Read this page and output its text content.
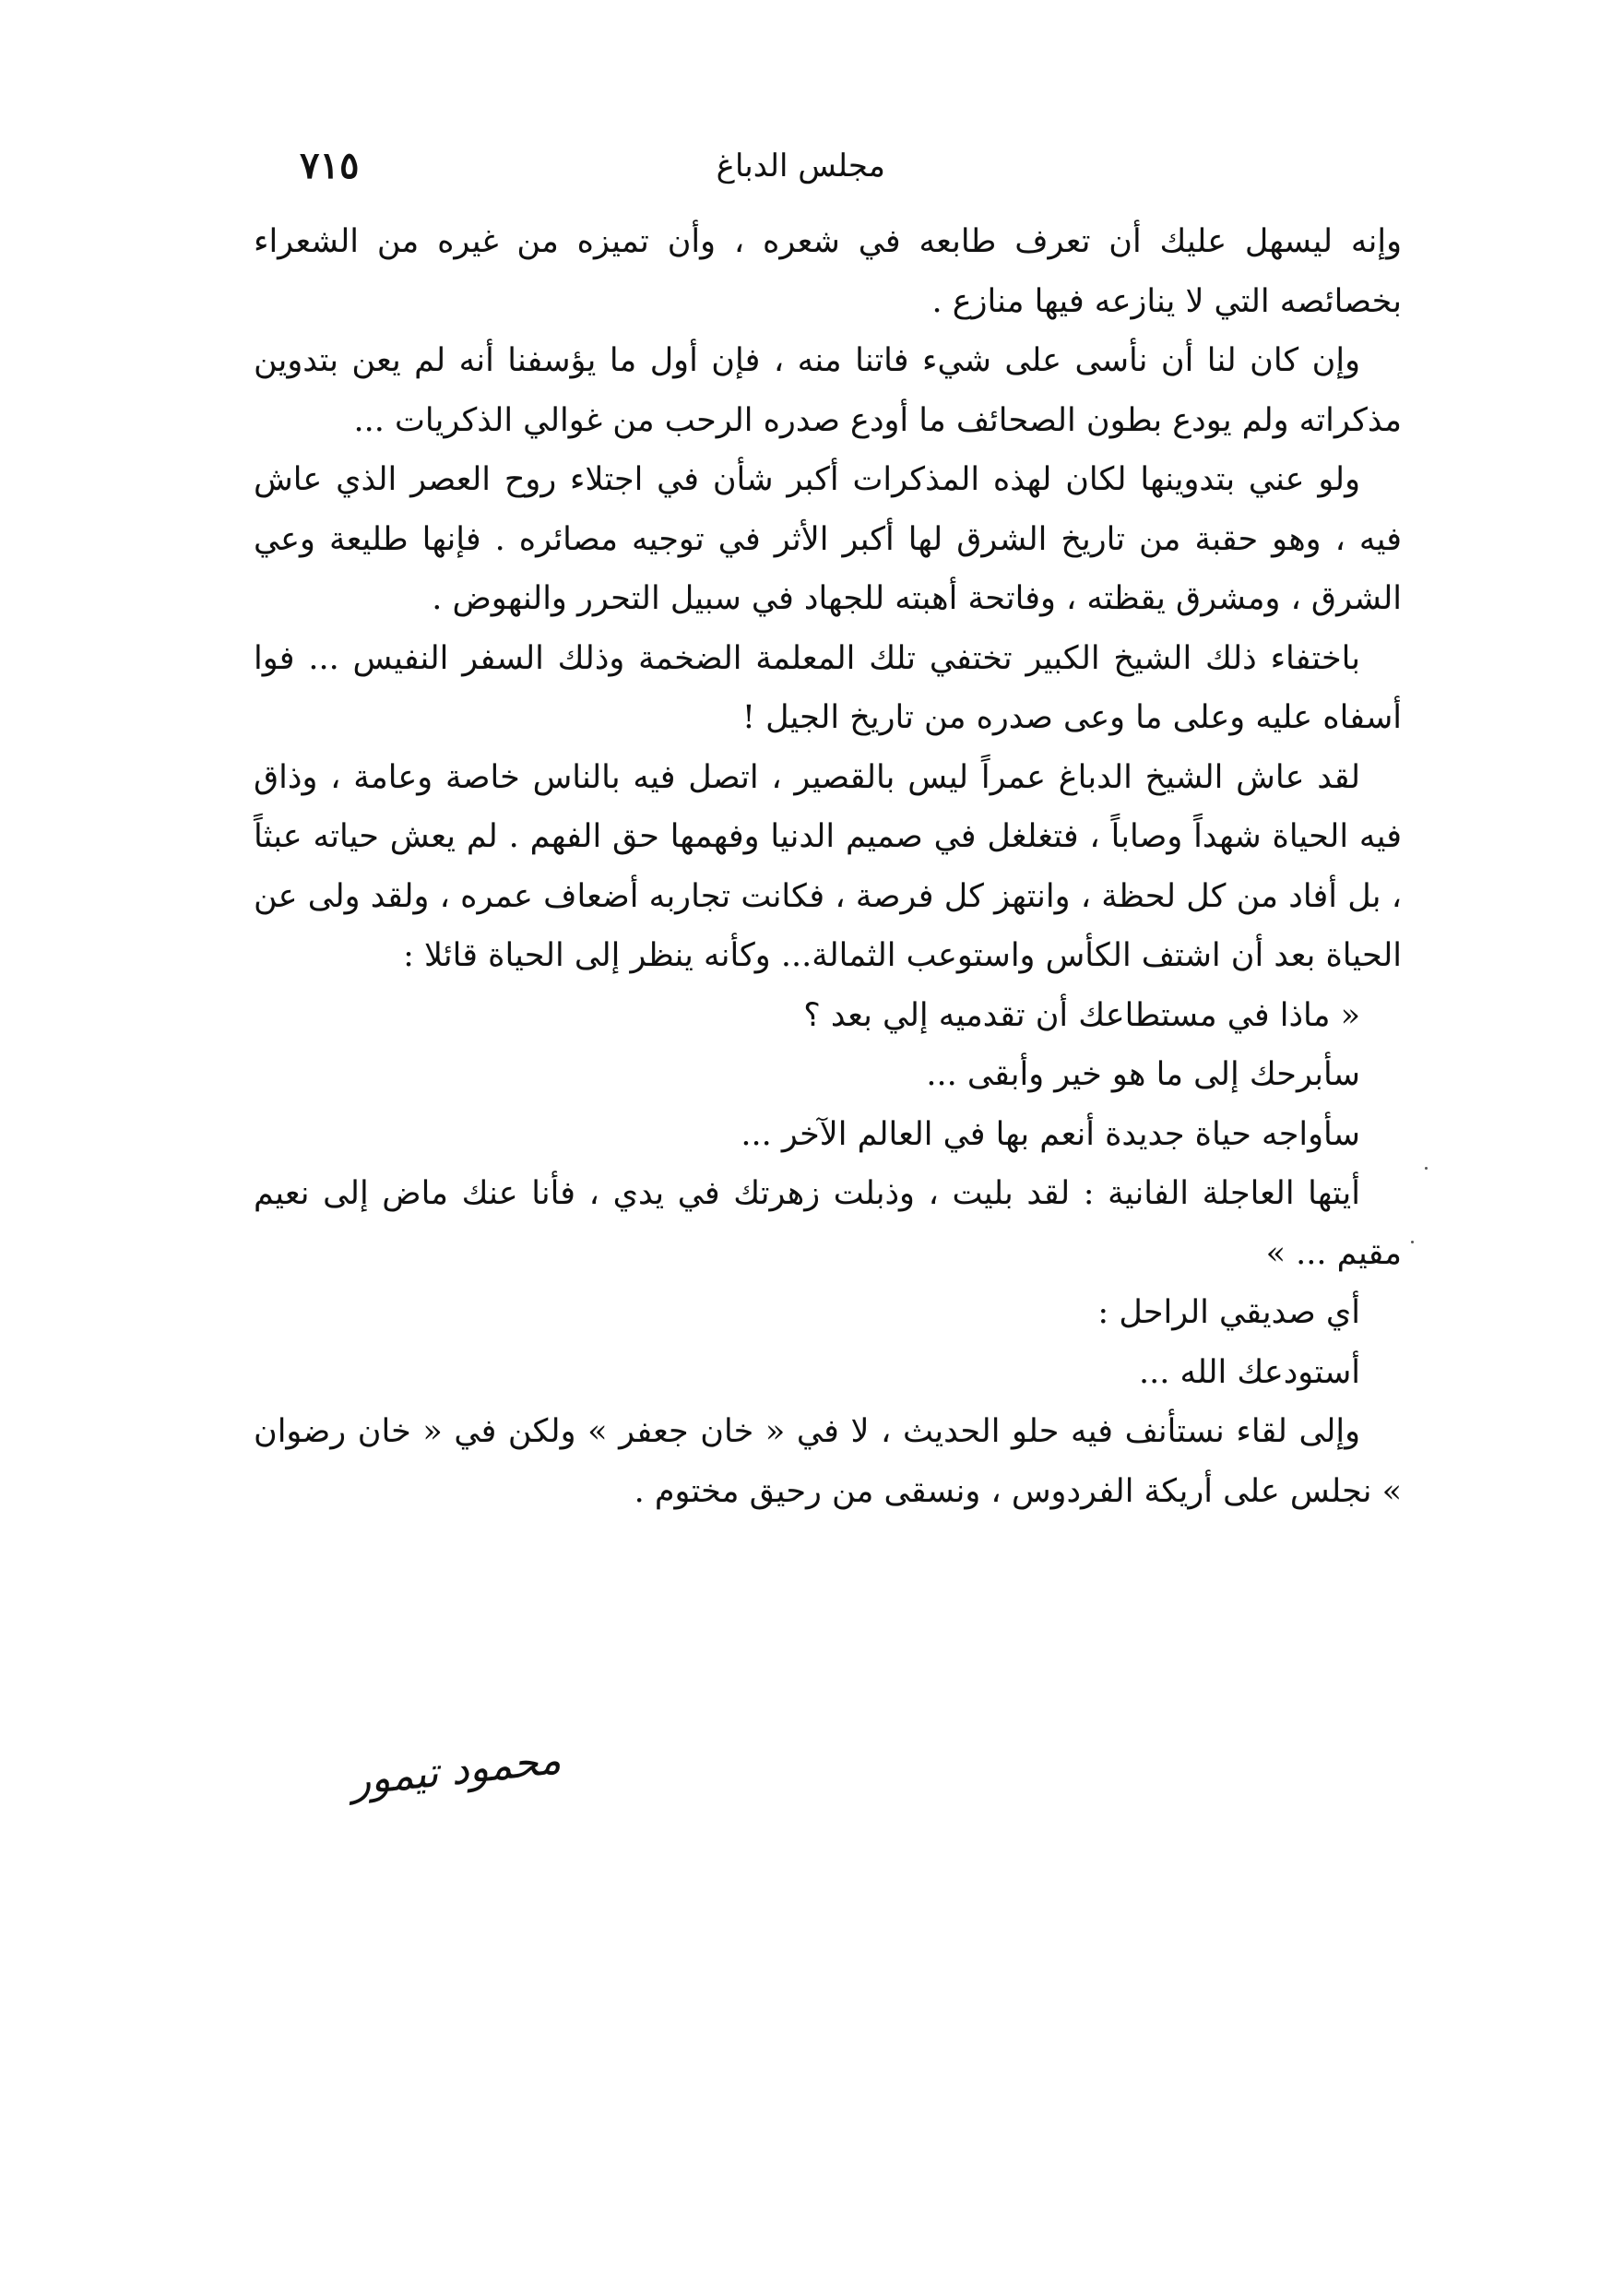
مجلس الدباغ
٧١٥

وإنه ليسهل عليك أن تعرف طابعه في شعره ، وأن تميزه من غيره من الشعراء بخصائصه التي لا ينازعه فيها منازع .

وإن كان لنا أن نأسى على شيء فاتنا منه ، فإن أول ما يؤسفنا أنه لم يعن بتدوين مذكراته ولم يودع بطون الصحائف ما أودع صدره الرحب من غوالي الذكريات ...

ولو عني بتدوينها لكان لهذه المذكرات أكبر شأن في اجتلاء روح العصر الذي عاش فيه ، وهو حقبة من تاريخ الشرق لها أكبر الأثر في توجيه مصائره . فإنها طليعة وعي الشرق ، ومشرق يقظته ، وفاتحة أهبته للجهاد في سبيل التحرر والنهوض .

باختفاء ذلك الشيخ الكبير تختفي تلك المعلمة الضخمة وذلك السفر النفيس ... فوا أسفاه عليه وعلى ما وعى صدره من تاريخ الجيل !

لقد عاش الشيخ الدباغ عمراً ليس بالقصير ، اتصل فيه بالناس خاصة وعامة ، وذاق فيه الحياة شهداً وصاباً ، فتغلغل في صميم الدنيا وفهمها حق الفهم . لم يعش حياته عبثاً ، بل أفاد من كل لحظة ، وانتهز كل فرصة ، فكانت تجاربه أضعاف عمره ، ولقد ولى عن الحياة بعد أن اشتف الكأس واستوعب الثمالة... وكأنه ينظر إلى الحياة قائلا :

« ماذا في مستطاعك أن تقدميه إلي بعد ؟

سأبرحك إلى ما هو خير وأبقى ...

سأواجه حياة جديدة أنعم بها في العالم الآخر ...

أيتها العاجلة الفانية : لقد بليت ، وذبلت زهرتك في يدي ، فأنا عنك ماض إلى نعيم مقيم ... »

أي صديقي الراحل :

أستودعك الله ...

وإلى لقاء نستأنف فيه حلو الحديث ، لا في « خان جعفر » ولكن في « خان رضوان » نجلس على أريكة الفردوس ، ونسقى من رحيق مختوم .

محمود تيمور
